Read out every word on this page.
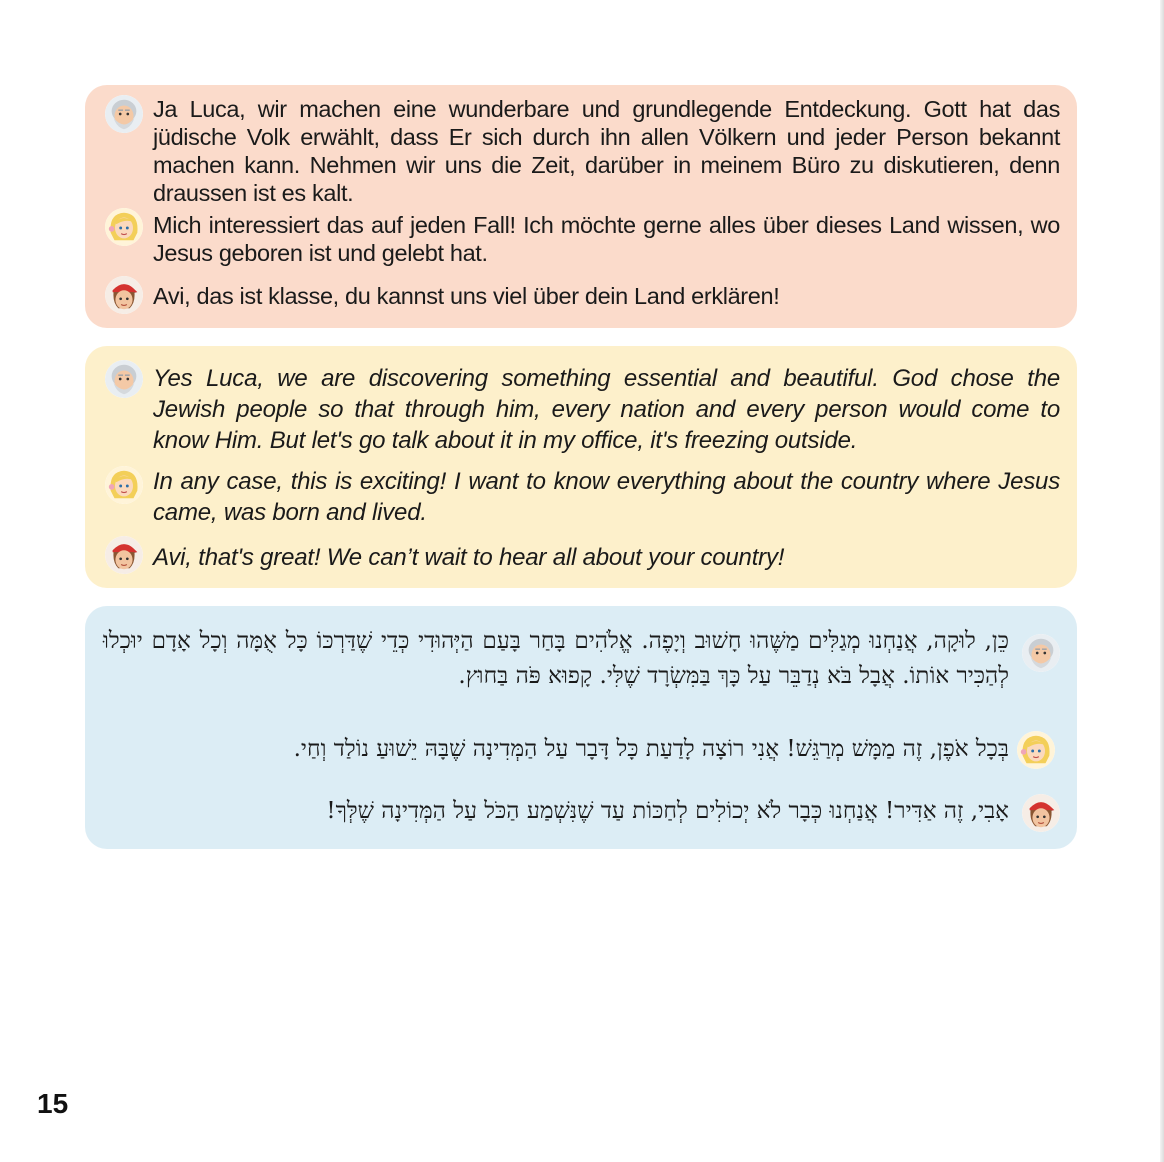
Ja Luca, wir machen eine wunderbare und grundlegende Entdeckung. Gott hat das jüdische Volk erwählt, dass Er sich durch ihn allen Völkern und jeder Person bekannt machen kann. Nehmen wir uns die Zeit, darüber in meinem Büro zu diskutieren, denn draussen ist es kalt.

Mich interessiert das auf jeden Fall! Ich möchte gerne alles über dieses Land wissen, wo Jesus geboren ist und gelebt hat.

Avi, das ist klasse, du kannst uns viel über dein Land erklären!

Yes Luca, we are discovering something essential and beautiful. God chose the Jewish people so that through him, every nation and every person would come to know Him. But let's go talk about it in my office, it's freezing outside.

In any case, this is exciting! I want to know everything about the country where Jesus came, was born and lived.

Avi, that's great! We can’t wait to hear all about your country!

כֵּן, לוּקָה, אֲנַחְנוּ מְגַלִּים מַשֶּׁהוּ חָשׁוּב וְיָפֶה. אֱלֹהִים בָּחַר בָּעַם הַיְּהוּדִי כְּדֵי שֶׁדַּרְכּוֹ כָּל אֻמָּה וְכָל אָדָם יוּכְלוּ לְהַכִּיר אוֹתוֹ. אֲבָל בֹּא נְדַבֵּר עַל כָּךְ בַּמִּשְׂרָד שֶׁלִּי. קָפוּא פֹּה בַּחוּץ.

בְּכָל אֹפֶן, זֶה מַמָּשׁ מְרַגֵּשׁ! אֲנִי רוֹצָה לָדַעַת כָּל דָּבָר עַל הַמְּדִינָה שֶׁבָּהּ יֵשׁוּעַ נוֹלַד וְחַי.

אָבִי, זֶה אַדִּיר! אֲנַחְנוּ כְּבָר לֹא יְכוֹלִים לְחַכּוֹת עַד שֶׁנִּשְׁמַע הַכֹּל עַל הַמְּדִינָה שֶׁלְּךָ!

15
